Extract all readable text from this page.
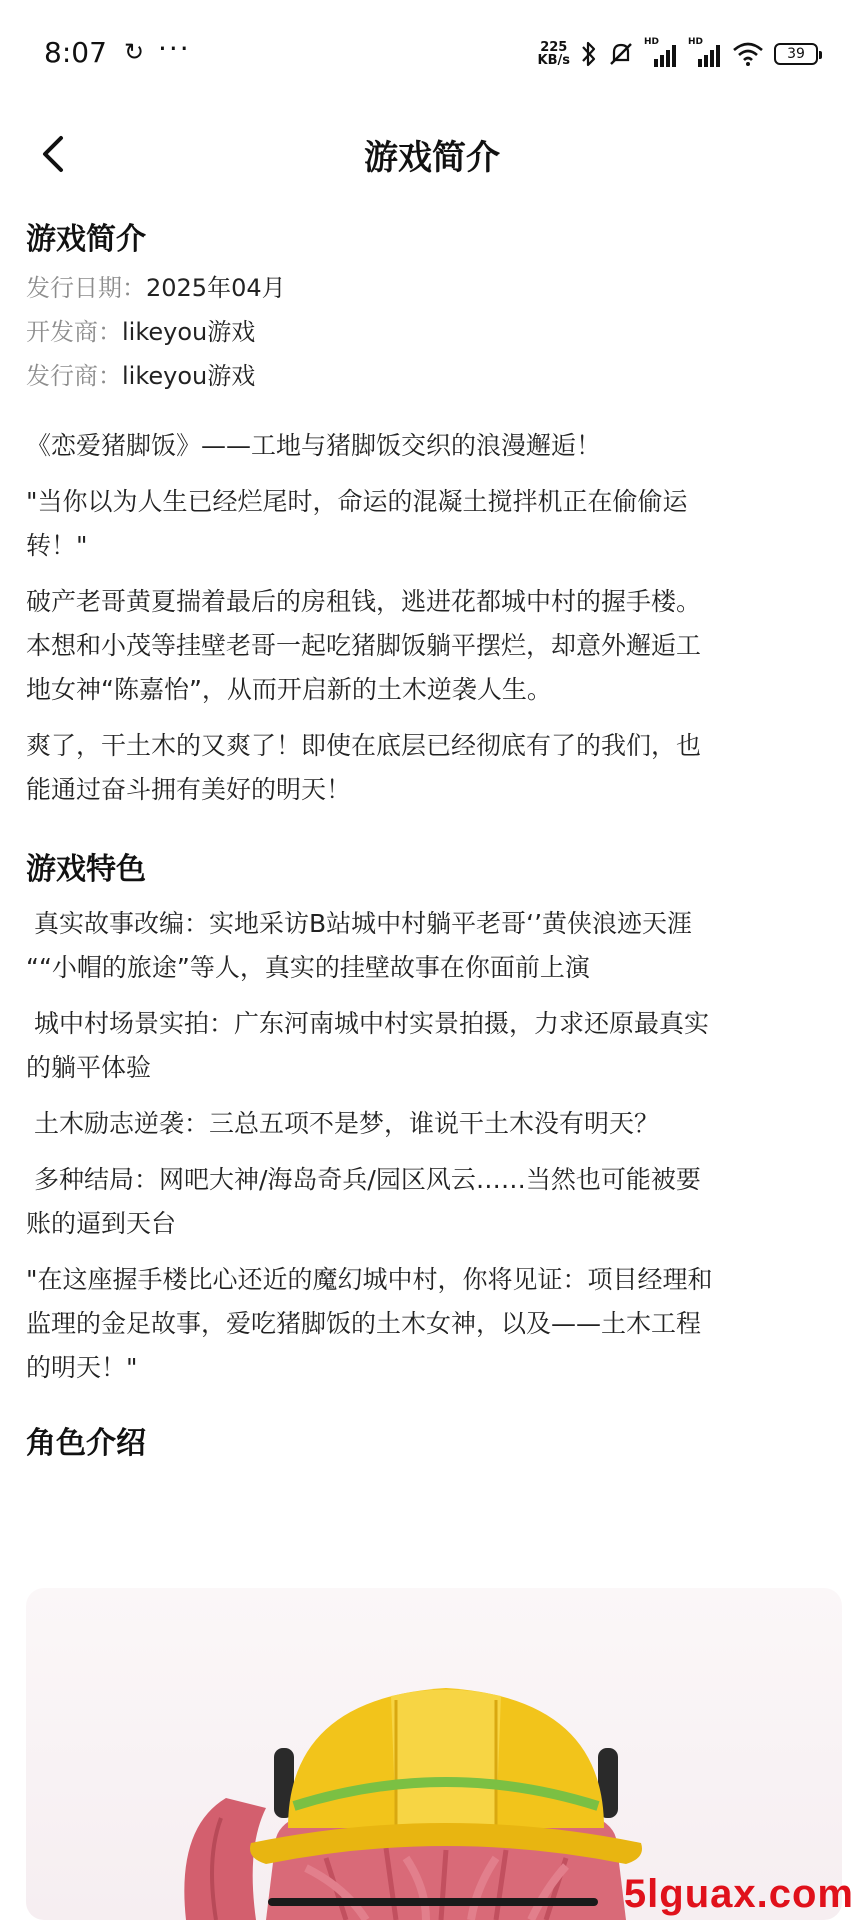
8:07 ↻ ···	225
KB/s
HD	HD
39
游戏简介
游戏简介
发行日期：2025年04月
开发商：likeyou游戏
发行商：likeyou游戏

《恋爱猪脚饭》——工地与猪脚饭交织的浪漫邂逅！

"当你以为人生已经烂尾时，命运的混凝土搅拌机正在偷偷运

转！"

破产老哥黄夏揣着最后的房租钱，逃进花都城中村的握手楼。

本想和小茂等挂壁老哥一起吃猪脚饭躺平摆烂，却意外邂逅工

地女神“陈嘉怡”，从而开启新的土木逆袭人生。

爽了，干土木的又爽了！即使在底层已经彻底有了的我们，也

能通过奋斗拥有美好的明天！

游戏特色

真实故事改编：实地采访B站城中村躺平老哥‘’黄侠浪迹天涯

““小帽的旅途”等人，真实的挂壁故事在你面前上演

城中村场景实拍：广东河南城中村实景拍摄，力求还原最真实

的躺平体验

土木励志逆袭：三总五项不是梦，谁说干土木没有明天？

多种结局：网吧大神/海岛奇兵/园区风云……当然也可能被要

账的逼到天台

"在这座握手楼比心还近的魔幻城中村，你将见证：项目经理和

监理的金足故事，爱吃猪脚饭的土木女神，以及——土木工程

的明天！"

角色介绍
5lguax.com
